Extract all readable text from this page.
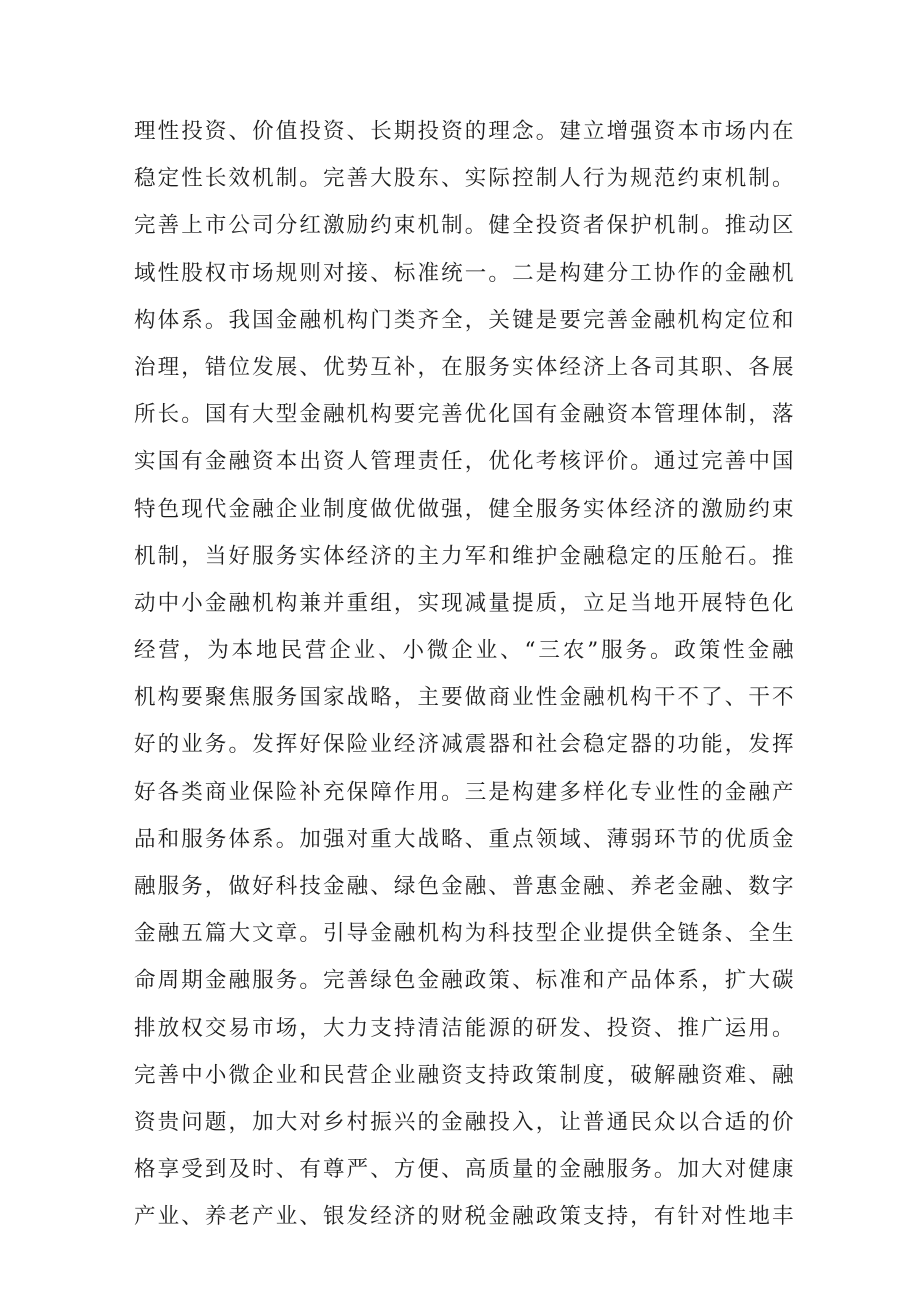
理性投资、价值投资、长期投资的理念。建立增强资本市场内在
稳定性长效机制。完善大股东、实际控制人行为规范约束机制。
完善上市公司分红激励约束机制。健全投资者保护机制。推动区
域性股权市场规则对接、标准统一。二是构建分工协作的金融机
构体系。我国金融机构门类齐全，关键是要完善金融机构定位和
治理，错位发展、优势互补，在服务实体经济上各司其职、各展
所长。国有大型金融机构要完善优化国有金融资本管理体制，落
实国有金融资本出资人管理责任，优化考核评价。通过完善中国
特色现代金融企业制度做优做强，健全服务实体经济的激励约束
机制，当好服务实体经济的主力军和维护金融稳定的压舱石。推
动中小金融机构兼并重组，实现减量提质，立足当地开展特色化
经营，为本地民营企业、小微企业、“三农”服务。政策性金融
机构要聚焦服务国家战略，主要做商业性金融机构干不了、干不
好的业务。发挥好保险业经济减震器和社会稳定器的功能，发挥
好各类商业保险补充保障作用。三是构建多样化专业性的金融产
品和服务体系。加强对重大战略、重点领域、薄弱环节的优质金
融服务，做好科技金融、绿色金融、普惠金融、养老金融、数字
金融五篇大文章。引导金融机构为科技型企业提供全链条、全生
命周期金融服务。完善绿色金融政策、标准和产品体系，扩大碳
排放权交易市场，大力支持清洁能源的研发、投资、推广运用。
完善中小微企业和民营企业融资支持政策制度，破解融资难、融
资贵问题，加大对乡村振兴的金融投入，让普通民众以合适的价
格享受到及时、有尊严、方便、高质量的金融服务。加大对健康
产业、养老产业、银发经济的财税金融政策支持，有针对性地丰
